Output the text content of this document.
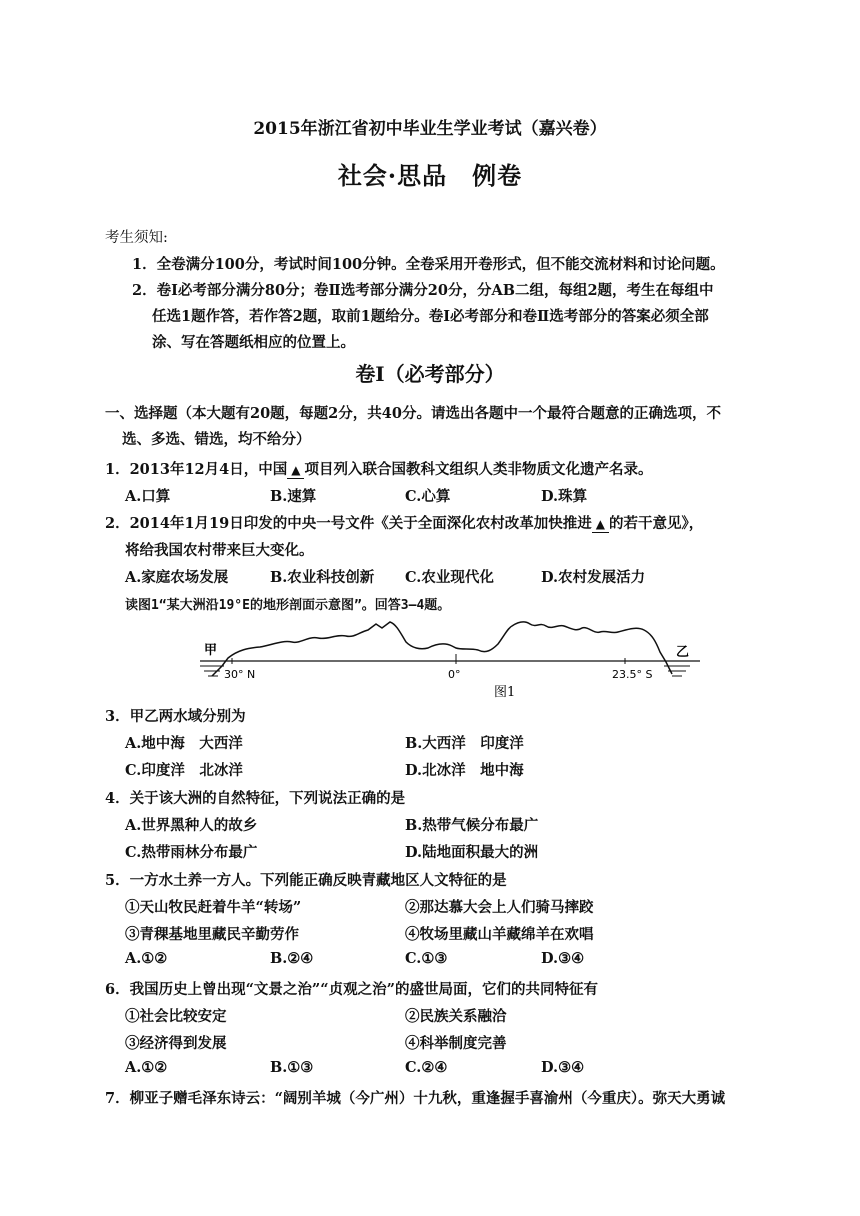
2015年浙江省初中毕业生学业考试（嘉兴卷）
社会·思品　例卷
考生须知:
1．全卷满分100分，考试时间100分钟。全卷采用开卷形式，但不能交流材料和讨论问题。
2．卷Ⅰ必考部分满分80分；卷Ⅱ选考部分满分20分，分AB二组，每组2题，考生在每组中
任选1题作答，若作答2题，取前1题给分。卷Ⅰ必考部分和卷Ⅱ选考部分的答案必须全部
涂、写在答题纸相应的位置上。
卷Ⅰ（必考部分）
一、选择题（本大题有20题，每题2分，共40分。请选出各题中一个最符合题意的正确选项，不
选、多选、错选，均不给分）
1．2013年12月4日，中国 ▲ 项目列入联合国教科文组织人类非物质文化遗产名录。
A.口算	B.速算	C.心算	D.珠算
2．2014年1月19日印发的中央一号文件《关于全面深化农村改革加快推进 ▲ 的若干意见》，
将给我国农村带来巨大变化。
A.家庭农场发展	B.农业科技创新 C.农业现代化	D.农村发展活力
读图1“某大洲沿19°E的地形剖面示意图”。回答3—4题。
甲	乙
30° N	0°	23.5° S
图1
3．甲乙两水域分别为
A.地中海　大西洋	B.大西洋　印度洋
C.印度洋　北冰洋	D.北冰洋　地中海
4．关于该大洲的自然特征，下列说法正确的是
A.世界黑种人的故乡	B.热带气候分布最广
C.热带雨林分布最广	D.陆地面积最大的洲
5．一方水土养一方人。下列能正确反映青藏地区人文特征的是
①天山牧民赶着牛羊“转场”	②那达慕大会上人们骑马摔跤
③青稞基地里藏民辛勤劳作	④牧场里藏山羊藏绵羊在欢唱
A.①②	B.②④	C.①③	D.③④
6．我国历史上曾出现“文景之治”“贞观之治”的盛世局面，它们的共同特征有
①社会比较安定	②民族关系融洽
③经济得到发展	④科举制度完善
A.①②	B.①③	C.②④	D.③④
7．柳亚子赠毛泽东诗云：“阔别羊城（今广州）十九秋，重逢握手喜渝州（今重庆）。弥天大勇诚
